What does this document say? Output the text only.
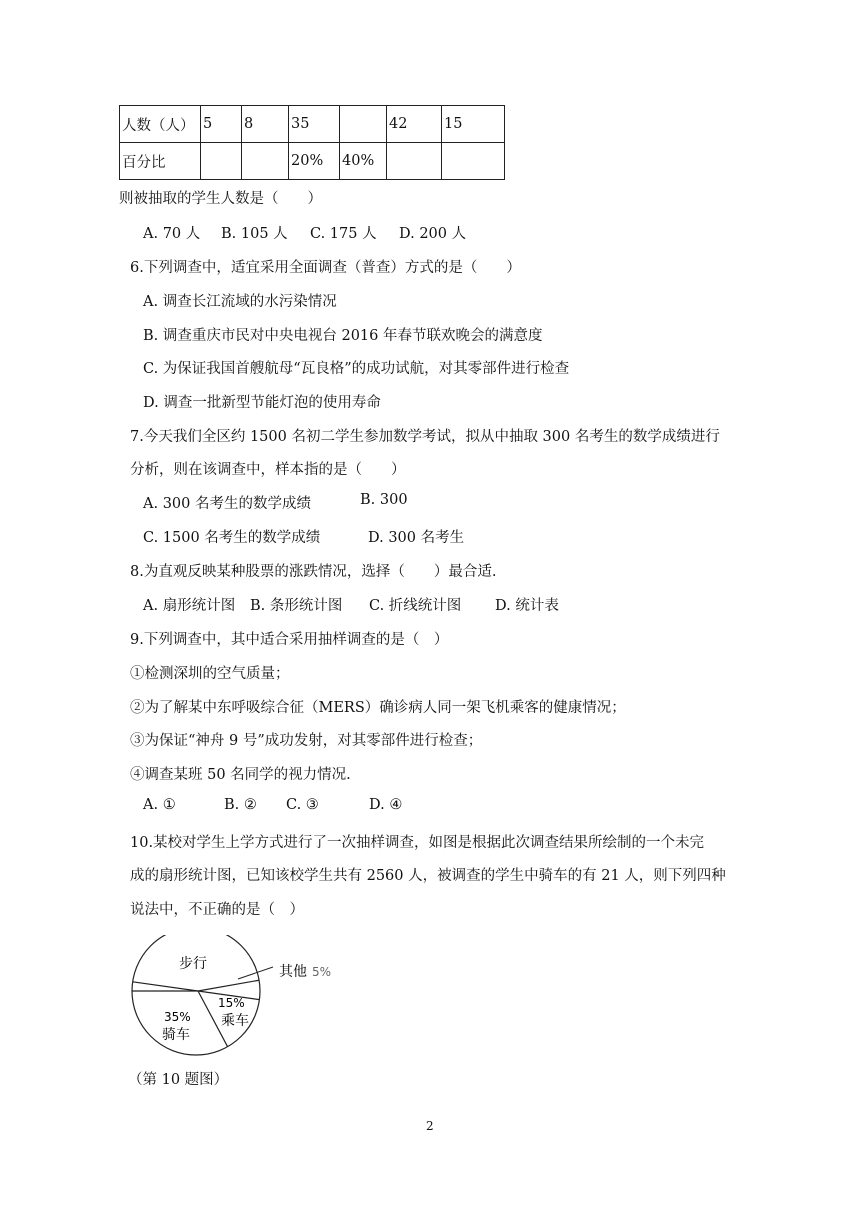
人数（人）	5	8	35		42	15
百分比			20%	40%		
则被抽取的学生人数是（　　）
A. 70 人 B. 105 人 C. 175 人 D. 200 人
6.下列调查中，适宜采用全面调查（普查）方式的是（　　）
A. 调查长江流域的水污染情况
B. 调查重庆市民对中央电视台 2016 年春节联欢晚会的满意度
C. 为保证我国首艘航母“瓦良格”的成功试航，对其零部件进行检查
D. 调查一批新型节能灯泡的使用寿命
7.今天我们全区约 1500 名初二学生参加数学考试，拟从中抽取 300 名考生的数学成绩进行
分析，则在该调查中，样本指的是（　　）
A. 300 名考生的数学成绩	B. 300
C. 1500 名考生的数学成绩	D. 300 名考生
8.为直观反映某种股票的涨跌情况，选择（　　）最合适.
A. 扇形统计图 B. 条形统计图 C. 折线统计图 D. 统计表
9.下列调查中，其中适合采用抽样调查的是（　）
①检测深圳的空气质量；
②为了解某中东呼吸综合征（MERS）确诊病人同一架飞机乘客的健康情况；
③为保证“神舟 9 号”成功发射，对其零部件进行检查；
④调查某班 50 名同学的视力情况.
A. ①	B. ② C. ③	D. ④
10.某校对学生上学方式进行了一次抽样调查，如图是根据此次调查结果所绘制的一个未完
成的扇形统计图，已知该校学生共有 2560 人，被调查的学生中骑车的有 21 人，则下列四种
说法中，不正确的是（　）
步行	其他 5%
15%
乘车
35%
骑车
（第 10 题图）
2
